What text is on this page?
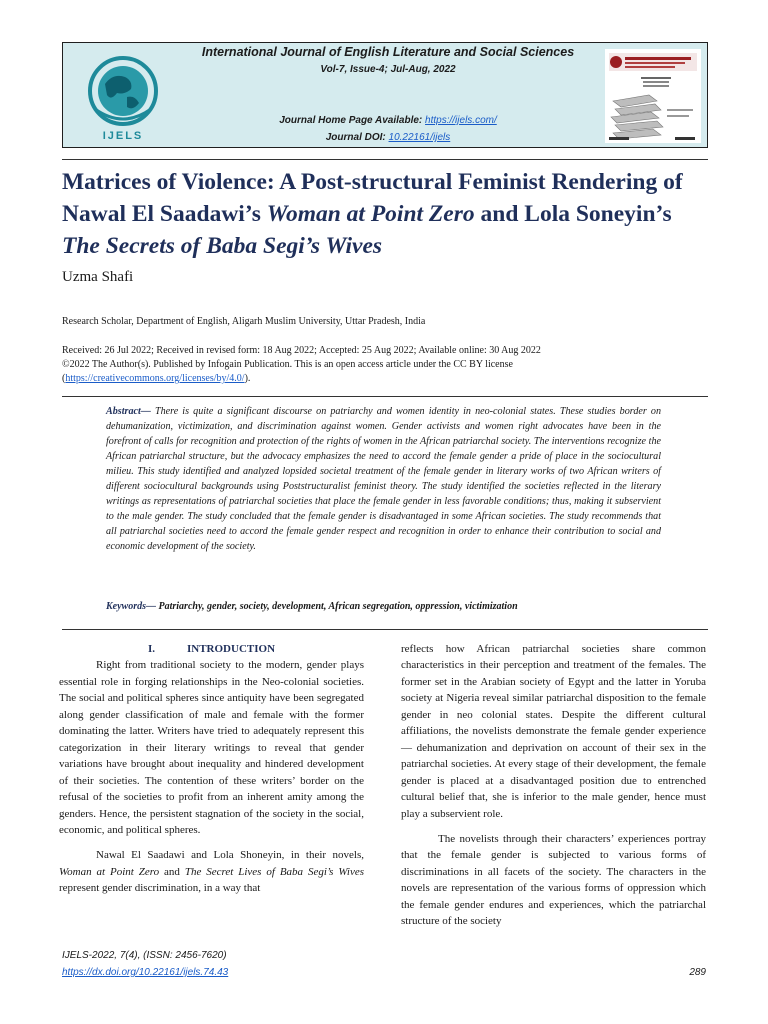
IJELS
International Journal of English Literature and Social Sciences
Vol-7, Issue-4; Jul-Aug, 2022
Journal Home Page Available: https://ijels.com/
Journal DOI: 10.22161/ijels
Matrices of Violence: A Post-structural Feminist Rendering of Nawal El Saadawi’s Woman at Point Zero and Lola Soneyin’s The Secrets of Baba Segi’s Wives
Uzma Shafi
Research Scholar, Department of English, Aligarh Muslim University, Uttar Pradesh, India
Received: 26 Jul 2022; Received in revised form: 18 Aug 2022; Accepted: 25 Aug 2022; Available online: 30 Aug 2022
©2022 The Author(s). Published by Infogain Publication. This is an open access article under the CC BY license
(https://creativecommons.org/licenses/by/4.0/).
Abstract— There is quite a significant discourse on patriarchy and women identity in neo-colonial states. These studies border on dehumanization, victimization, and discrimination against women. Gender activists and women right advocates have been in the forefront of calls for recognition and protection of the rights of women in the African patriarchal society. The interventions recognize the African patriarchal structure, but the advocacy emphasizes the need to accord the female gender a pride of place in the sociocultural milieu. This study identified and analyzed lopsided societal treatment of the female gender in literary works of two African writers of different sociocultural backgrounds using Poststructuralist feminist theory. The study identified the societies reflected in the literary writings as representations of patriarchal societies that place the female gender in less favorable conditions; thus, making it subservient to the male gender. The study concluded that the female gender is disadvantaged in some African societies. The study recommends that all patriarchal societies need to accord the female gender respect and recognition in order to enhance their contribution to social and economic development of the society.
Keywords— Patriarchy, gender, society, development, African segregation, oppression, victimization

I.	INTRODUCTION

Right from traditional society to the modern, gender plays essential role in forging relationships in the Neo-colonial societies. The social and political spheres since antiquity have been segregated along gender classification of male and female with the former dominating the latter. Writers have tried to adequately represent this categorization in their literary writings to reveal that gender variations have brought about inequality and hindered development of their societies. The contention of these writers’ border on the refusal of the societies to profit from an inherent amity among the genders. Hence, the persistent stagnation of the society in the social, economic, and political spheres.

Nawal El Saadawi and Lola Shoneyin, in their novels, Woman at Point Zero and The Secret Lives of Baba Segi’s Wives represent gender discrimination, in a way that

reflects how African patriarchal societies share common characteristics in their perception and treatment of the females. The former set in the Arabian society of Egypt and the latter in Yoruba society at Nigeria reveal similar patriarchal disposition to the female gender in neo colonial states. Despite the different cultural affiliations, the novelists demonstrate the female gender experience — dehumanization and deprivation on account of their sex in the patriarchal societies. At every stage of their development, the female gender is placed at a disadvantaged position due to entrenched cultural belief that, she is inferior to the male gender, hence must play a subservient role.

The novelists through their characters’ experiences portray that the female gender is subjected to various forms of discriminations in all facets of the society. The characters in the novels are representation of the various forms of oppression which the female gender endures and experiences, which the patriarchal structure of the society

IJELS-2022, 7(4), (ISSN: 2456-7620)
https://dx.doi.org/10.22161/ijels.74.43	289
